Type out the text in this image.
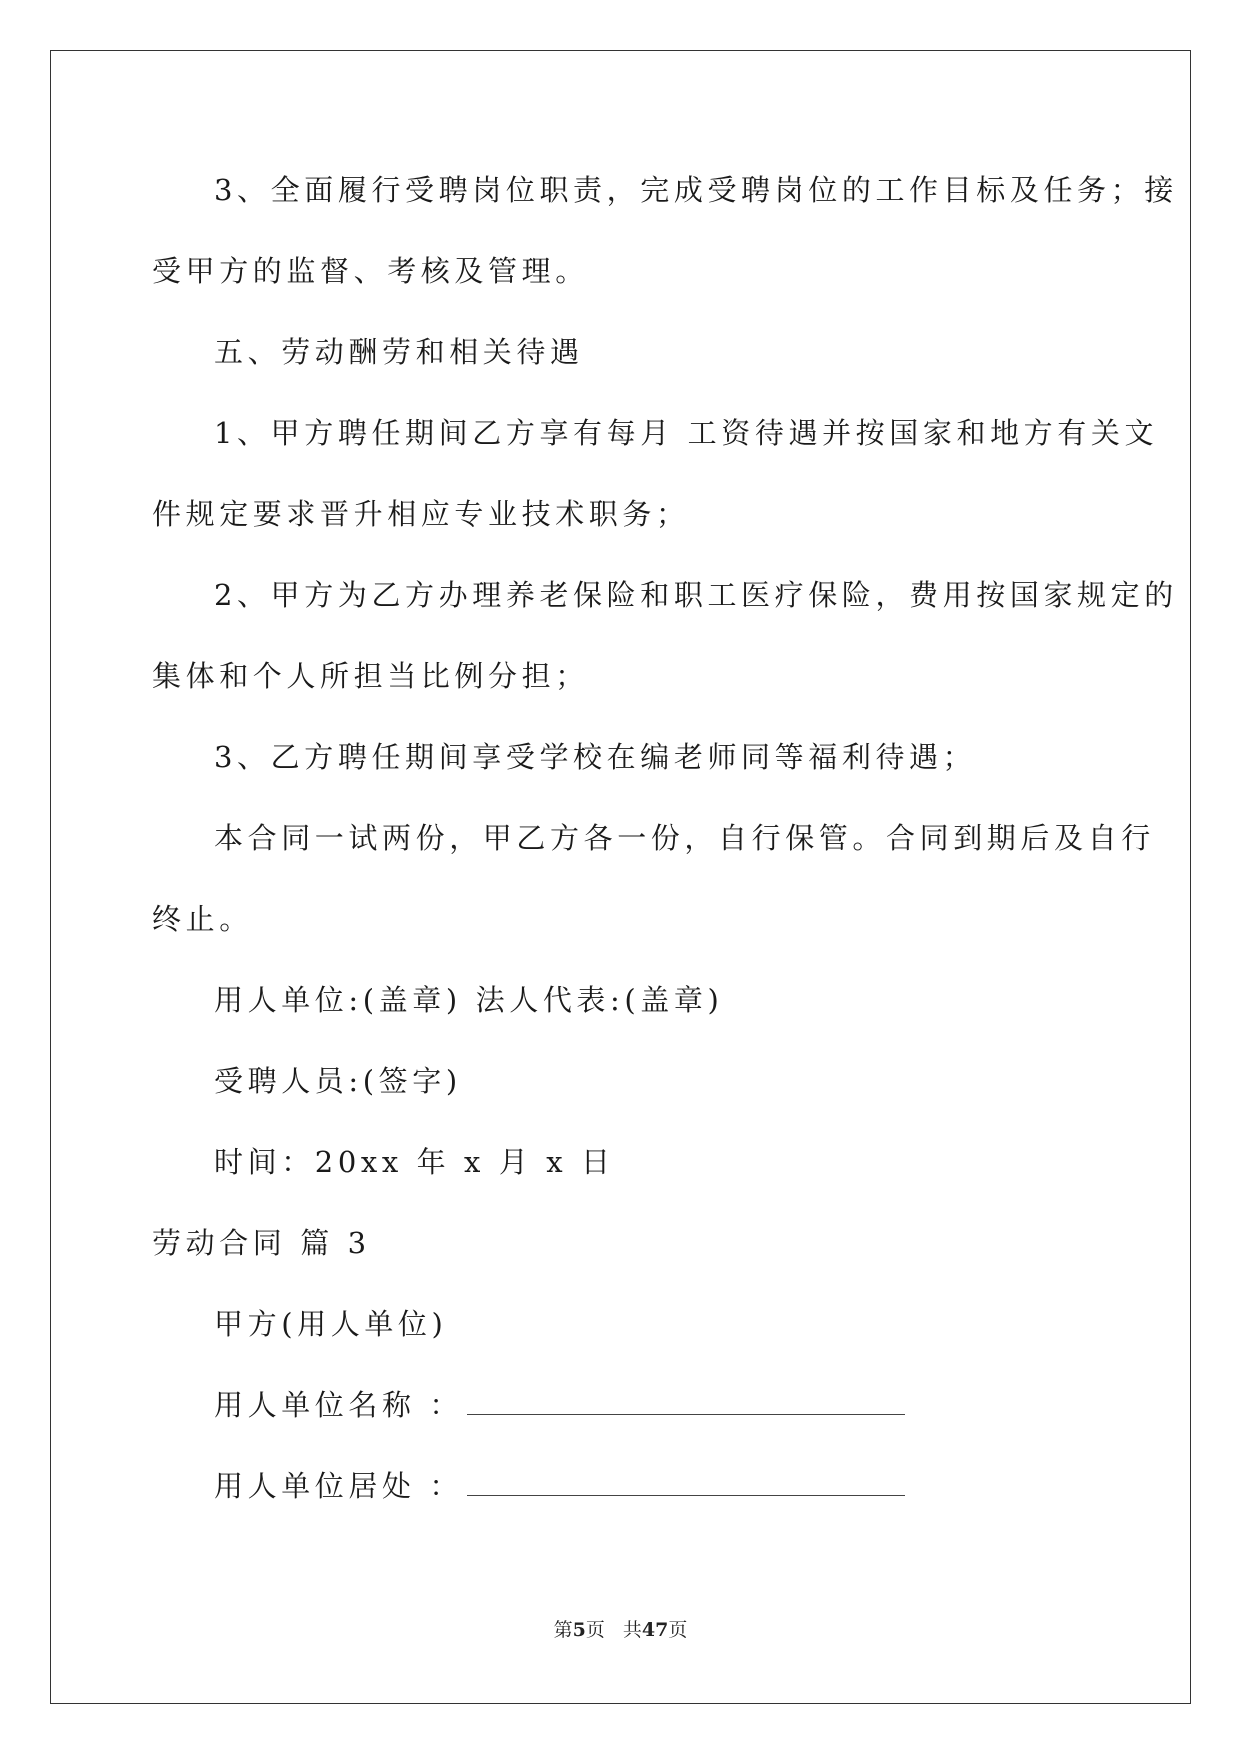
3、全面履行受聘岗位职责，完成受聘岗位的工作目标及任务；接
受甲方的监督、考核及管理。
五、劳动酬劳和相关待遇
1、甲方聘任期间乙方享有每月 工资待遇并按国家和地方有关文
件规定要求晋升相应专业技术职务；
2、甲方为乙方办理养老保险和职工医疗保险，费用按国家规定的
集体和个人所担当比例分担；
3、乙方聘任期间享受学校在编老师同等福利待遇；
本合同一试两份，甲乙方各一份，自行保管。合同到期后及自行
终止。
用人单位:(盖章) 法人代表:(盖章)
受聘人员:(签字)
时间：20xx 年 x 月 x 日
劳动合同 篇 3
甲方(用人单位)
用人单位名称 ：
用人单位居处 ：
第5页 共47页
